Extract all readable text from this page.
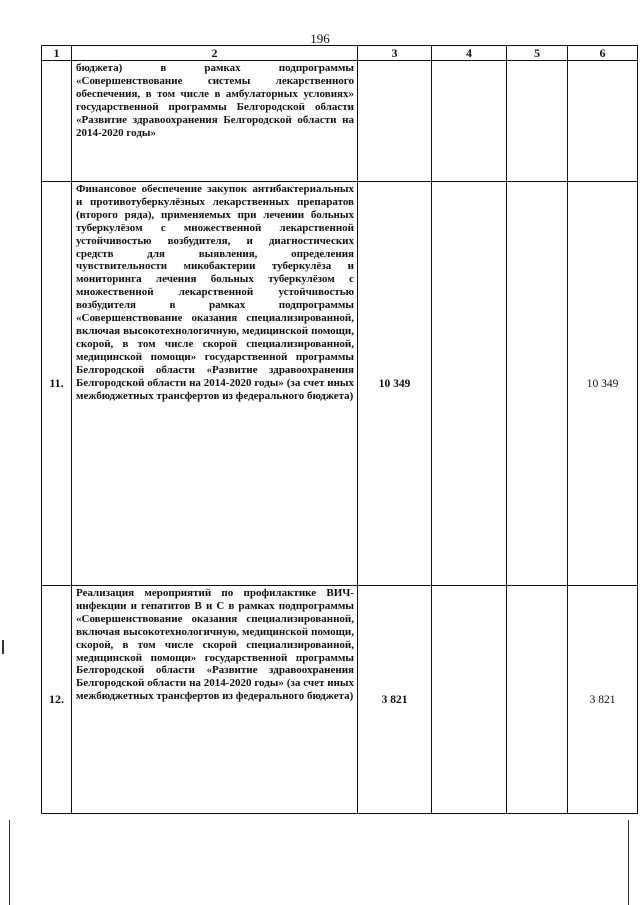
196
1	2	3	4	5	6
	бюджета) в рамках подпрограммы «Совершенствование системы лекарственного обеспечения, в том числе в амбулаторных условиях» государственной программы Белгородской области «Развитие здравоохранения Белгородской области на 2014-2020 годы»				
11.	Финансовое обеспечение закупок антибактериальных и противотуберкулёзных лекарственных препаратов (второго ряда), применяемых при лечении больных туберкулёзом с множественной лекарственной устойчивостью возбудителя, и диагностических средств для выявления, определения чувствительности микобактерии туберкулёза и мониторинга лечения больных туберкулёзом с множественной лекарственной устойчивостью возбудителя в рамках подпрограммы «Совершенствование оказания специализированной, включая высокотехнологичную, медицинской помощи, скорой, в том числе скорой специализированной, медицинской помощи» государственной программы Белгородской области «Развитие здравоохранения Белгородской области на 2014-2020 годы» (за счет иных межбюджетных трансфертов из федерального бюджета)	10 349			10 349
12.	Реализация мероприятий по профилактике ВИЧ-инфекции и гепатитов В и С в рамках подпрограммы «Совершенствование оказания специализированной, включая высокотехнологичную, медицинской помощи, скорой, в том числе скорой специализированной, медицинской помощи» государственной программы Белгородской области «Развитие здравоохранения Белгородской области на 2014-2020 годы» (за счет иных межбюджетных трансфертов из федерального бюджета)	3 821			3 821
